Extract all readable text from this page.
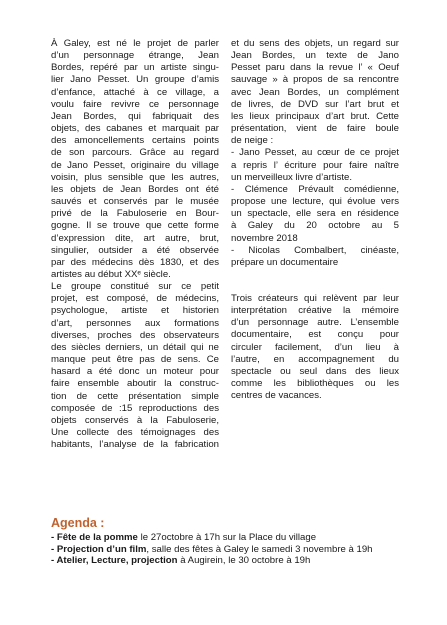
À Galey, est né le projet de parler
d’un personnage étrange, Jean
Bordes, repéré par un artiste singu-
lier Jano Pesset. Un groupe d’amis
d’enfance, attaché à ce village, a
voulu faire revivre ce personnage
Jean Bordes, qui fabriquait des
objets, des cabanes et marquait par
des amoncellements certains points
de son parcours. Grâce au regard
de Jano Pesset, originaire du village
voisin, plus sensible que les autres,
les objets de Jean Bordes ont été
sauvés et conservés par le musée
privé de la Fabuloserie en Bour-
gogne. Il se trouve que cette forme
d’expression dite, art autre, brut,
singulier, outsider a été observée
par des médecins dès 1830, et des
artistes au début XXᵉ siècle.

Le groupe constitué sur ce petit
projet, est composé, de médecins,
psychologue, artiste et historien
d’art, personnes aux formations
diverses, proches des observateurs
des siècles derniers, un détail qui ne
manque peut être pas de sens. Ce
hasard a été donc un moteur pour
faire ensemble aboutir la construc-
tion de cette présentation simple
composée de :15 reproductions des
objets conservés à la Fabuloserie,
Une collecte des témoignages des
habitants, l’analyse de la fabrication

et du sens des objets, un regard sur
Jean Bordes, un texte de Jano
Pesset paru dans la revue l’ « Oeuf
sauvage » à propos de sa rencontre
avec Jean Bordes, un complément
de livres, de DVD sur l’art brut et
les lieux principaux d’art brut. Cette
présentation, vient de faire boule
de neige :
- Jano Pesset, au cœur de ce projet
a repris l’ écriture pour faire naître
un merveilleux livre d’artiste.
- Clémence Prévault comédienne,
propose une lecture, qui évolue vers
un spectacle, elle sera en résidence
à Galey du 20 octobre au 5
novembre 2018
- Nicolas Combalbert, cinéaste,
prépare un documentaire

Trois créateurs qui relèvent par leur
interprétation créative la mémoire
d’un personnage autre. L’ensemble
documentaire, est conçu pour
circuler facilement, d’un lieu à
l’autre, en accompagnement du
spectacle ou seul dans des lieux
comme les bibliothèques ou les
centres de vacances.

Agenda :
- Fête de la pomme le 27octobre à 17h sur la Place du village
- Projection d’un film, salle des fêtes à Galey le samedi 3 novembre à 19h
- Atelier, Lecture, projection à Augirein, le 30 octobre à 19h
